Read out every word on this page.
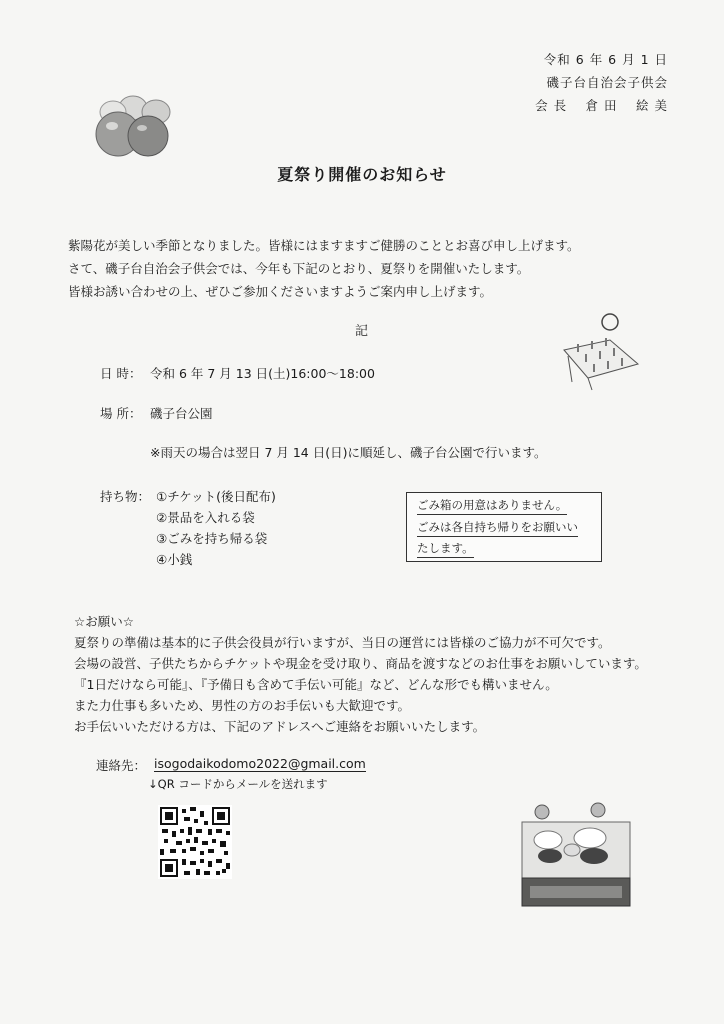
令和 6 年 6 月 1 日
磯子台自治会子供会
会 長　 倉 田 　絵 美
夏祭り開催のお知らせ
紫陽花が美しい季節となりました。皆様にはますますご健勝のこととお喜び申し上げます。
さて、磯子台自治会子供会では、今年も下記のとおり、夏祭りを開催いたします。
皆様お誘い合わせの上、ぜひご参加くださいますようご案内申し上げます。
記
日 時： 令和 6 年 7 月 13 日(土)16:00～18:00
場 所： 磯子台公園
※雨天の場合は翌日 7 月 14 日(日)に順延し、磯子台公園で行います。
持ち物： ①チケット(後日配布)
②景品を入れる袋
③ごみを持ち帰る袋
④小銭
ごみ箱の用意はありません。
ごみは各自持ち帰りをお願いい
たします。
☆お願い☆
夏祭りの準備は基本的に子供会役員が行いますが、当日の運営には皆様のご協力が不可欠です。
会場の設営、子供たちからチケットや現金を受け取り、商品を渡すなどのお仕事をお願いしています。
『1日だけなら可能』、『予備日も含めて手伝い可能』など、どんな形でも構いません。
また力仕事も多いため、男性の方のお手伝いも大歓迎です。
お手伝いいただける方は、下記のアドレスへご連絡をお願いいたします。
連絡先： isogodaikodomo2022@gmail.com
↓QR コードからメールを送れます
